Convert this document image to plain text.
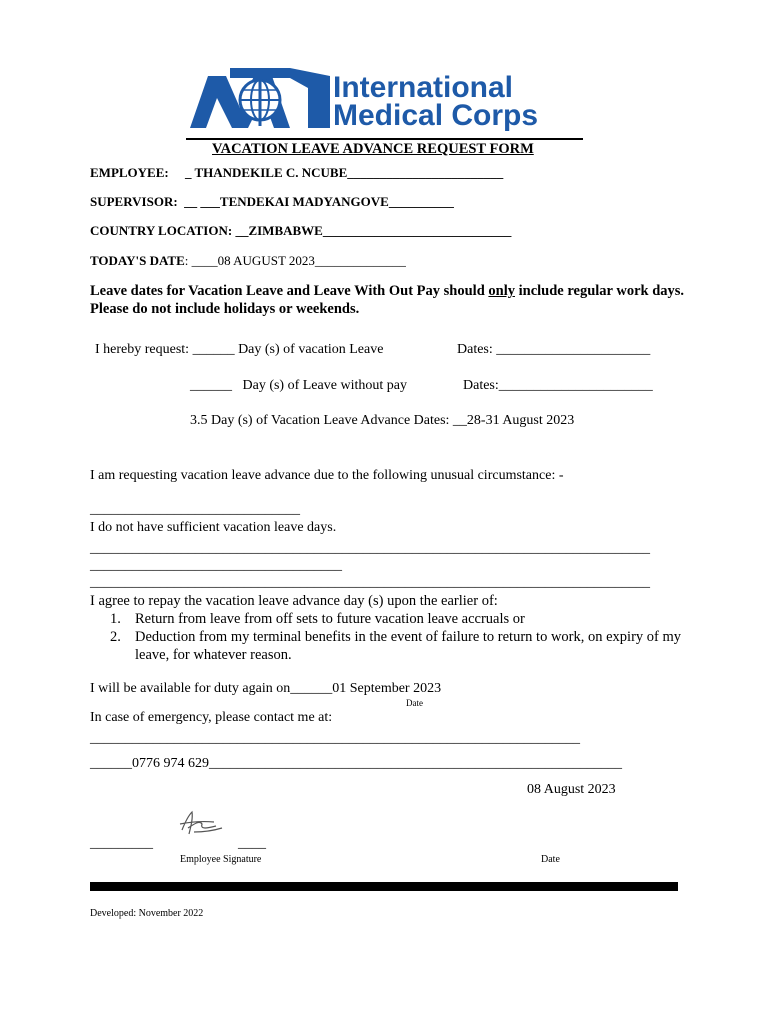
International
Medical Corps
VACATION LEAVE ADVANCE REQUEST FORM
EMPLOYEE:     _ THANDEKILE C. NCUBE________________________
SUPERVISOR:  __ ___TENDEKAI MADYANGOVE__________
COUNTRY LOCATION: __ZIMBABWE_____________________________
TODAY'S DATE: ____08 AUGUST 2023______________
Leave dates for Vacation Leave and Leave With Out Pay should only include regular work days. Please do not include holidays or weekends.
I hereby request: ______ Day (s) of vacation Leave	Dates: ______________________
______   Day (s) of Leave without pay	Dates:______________________
3.5 Day (s) of Vacation Leave Advance Dates: __28-31 August 2023
I am requesting vacation leave advance due to the following unusual circumstance: -
______________________________
I do not have sufficient vacation leave days.
________________________________________________________________________________
____________________________________
________________________________________________________________________________
I agree to repay the vacation leave advance day (s) upon the earlier of:
1. Return from leave from off sets to future vacation leave accruals or
2. Deduction from my terminal benefits in the event of failure to return to work, on expiry of my leave, for whatever reason.
I will be available for duty again on______01 September 2023
Date
In case of emergency, please contact me at:
______________________________________________________________________
______0776 974 629___________________________________________________________
08 August 2023
_________	____
Employee Signature	Date
Developed: November 2022
